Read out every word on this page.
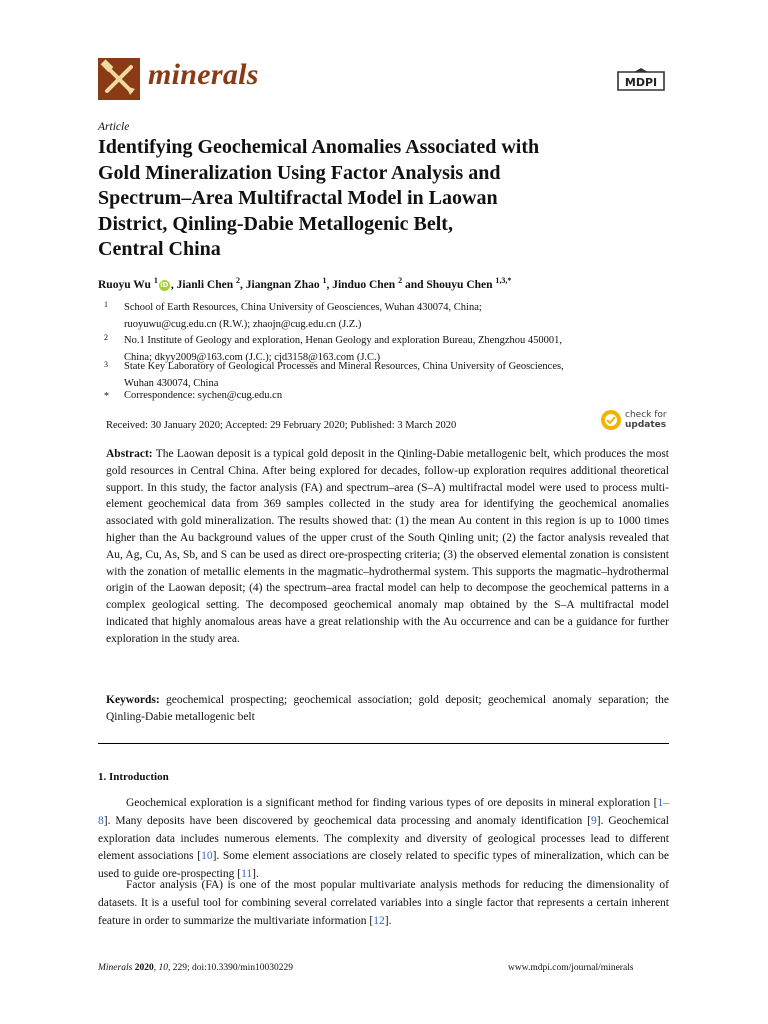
minerals	MDPI
Article
Identifying Geochemical Anomalies Associated with
Gold Mineralization Using Factor Analysis and
Spectrum–Area Multifractal Model in Laowan
District, Qinling-Dabie Metallogenic Belt,
Central China
Ruoyu Wu $^1$ iD , Jianli Chen $^2$, Jiangnan Zhao $^1$, Jinduo Chen $^2$ and Shouyu Chen $^{1,3,*}$
1 School of Earth Resources, China University of Geosciences, Wuhan 430074, China;
ruoyuwu@cug.edu.cn (R.W.); zhaojn@cug.edu.cn (J.Z.)
2 No.1 Institute of Geology and exploration, Henan Geology and exploration Bureau, Zhengzhou 450001,
China; dkyy2009@163.com (J.C.); cjd3158@163.com (J.C.)
3 State Key Laboratory of Geological Processes and Mineral Resources, China University of Geosciences,
Wuhan 430074, China
* Correspondence: sychen@cug.edu.cn
Received: 30 January 2020; Accepted: 29 February 2020; Published: 3 March 2020
check for
updates

Abstract: The Laowan deposit is a typical gold deposit in the Qinling-Dabie metallogenic belt, which produces the most gold resources in Central China. After being explored for decades, follow-up exploration requires additional theoretical support. In this study, the factor analysis (FA) and spectrum–area (S–A) multifractal model were used to process multi-element geochemical data from 369 samples collected in the study area for identifying the geochemical anomalies associated with gold mineralization. The results showed that: (1) the mean Au content in this region is up to 1000 times higher than the Au background values of the upper crust of the South Qinling unit; (2) the factor analysis revealed that Au, Ag, Cu, As, Sb, and S can be used as direct ore-prospecting criteria; (3) the observed elemental zonation is consistent with the zonation of metallic elements in the magmatic–hydrothermal system. This supports the magmatic–hydrothermal origin of the Laowan deposit; (4) the spectrum–area fractal model can help to decompose the geochemical patterns in a complex geological setting. The decomposed geochemical anomaly map obtained by the S–A multifractal model indicated that highly anomalous areas have a great relationship with the Au occurrence and can be a guidance for further exploration in the study area.

Keywords: geochemical prospecting; geochemical association; gold deposit; geochemical anomaly separation; the Qinling-Dabie metallogenic belt

1. Introduction

Geochemical exploration is a significant method for finding various types of ore deposits in mineral exploration [1–8]. Many deposits have been discovered by geochemical data processing and anomaly identification [9]. Geochemical exploration data includes numerous elements. The complexity and diversity of geological processes lead to different element associations [10]. Some element associations are closely related to specific types of mineralization, which can be used to guide ore-prospecting [11].

Factor analysis (FA) is one of the most popular multivariate analysis methods for reducing the dimensionality of datasets. It is a useful tool for combining several correlated variables into a single factor that represents a certain inherent feature in order to summarize the multivariate information [12].

Minerals 2020, 10, 229; doi:10.3390/min10030229	www.mdpi.com/journal/minerals
